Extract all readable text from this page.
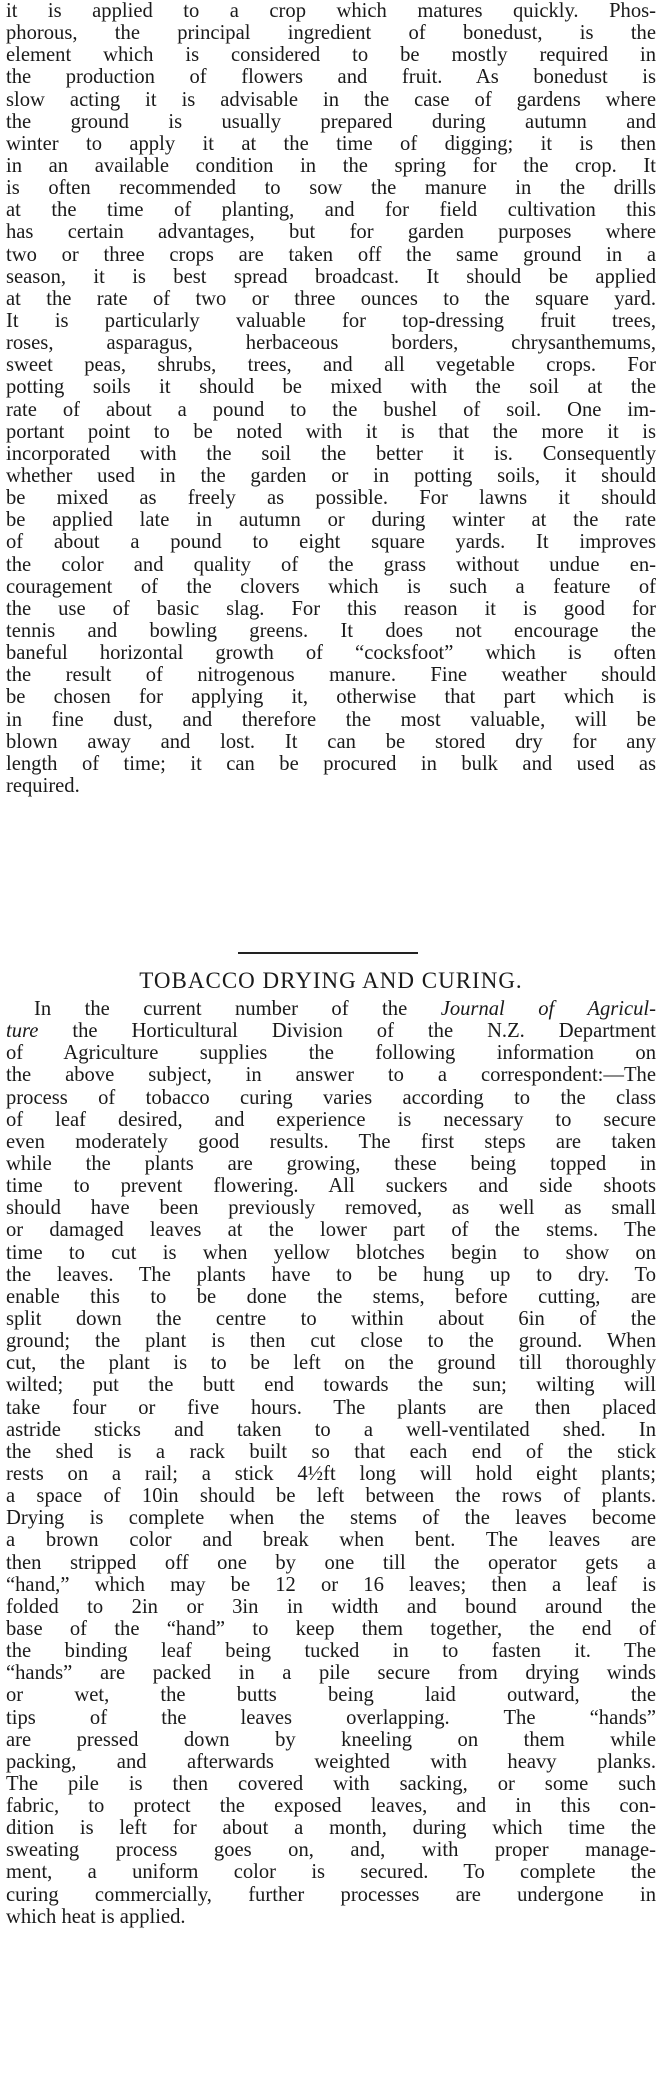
it is applied to a crop which matures quickly. Phos-
phorous, the principal ingredient of bonedust, is the
element which is considered to be mostly required in
the production of flowers and fruit. As bonedust is
slow acting it is advisable in the case of gardens where
the ground is usually prepared during autumn and
winter to apply it at the time of digging; it is then
in an available condition in the spring for the crop. It
is often recommended to sow the manure in the drills
at the time of planting, and for field cultivation this
has certain advantages, but for garden purposes where
two or three crops are taken off the same ground in a
season, it is best spread broadcast. It should be applied
at the rate of two or three ounces to the square yard.
It is particularly valuable for top-dressing fruit trees,
roses, asparagus, herbaceous borders, chrysanthemums,
sweet peas, shrubs, trees, and all vegetable crops. For
potting soils it should be mixed with the soil at the
rate of about a pound to the bushel of soil. One im-
portant point to be noted with it is that the more it is
incorporated with the soil the better it is. Consequently
whether used in the garden or in potting soils, it should
be mixed as freely as possible. For lawns it should
be applied late in autumn or during winter at the rate
of about a pound to eight square yards. It improves
the color and quality of the grass without undue en-
couragement of the clovers which is such a feature of
the use of basic slag. For this reason it is good for
tennis and bowling greens. It does not encourage the
baneful horizontal growth of “cocksfoot” which is often
the result of nitrogenous manure. Fine weather should
be chosen for applying it, otherwise that part which is
in fine dust, and therefore the most valuable, will be
blown away and lost. It can be stored dry for any
length of time; it can be procured in bulk and used as
required.
TOBACCO DRYING AND CURING.
In the current number of the Journal of Agricul-
ture the Horticultural Division of the N.Z. Department
of Agriculture supplies the following information on
the above subject, in answer to a correspondent:—The
process of tobacco curing varies according to the class
of leaf desired, and experience is necessary to secure
even moderately good results. The first steps are taken
while the plants are growing, these being topped in
time to prevent flowering. All suckers and side shoots
should have been previously removed, as well as small
or damaged leaves at the lower part of the stems. The
time to cut is when yellow blotches begin to show on
the leaves. The plants have to be hung up to dry. To
enable this to be done the stems, before cutting, are
split down the centre to within about 6in of the
ground; the plant is then cut close to the ground. When
cut, the plant is to be left on the ground till thoroughly
wilted; put the butt end towards the sun; wilting will
take four or five hours. The plants are then placed
astride sticks and taken to a well-ventilated shed. In
the shed is a rack built so that each end of the stick
rests on a rail; a stick 4½ft long will hold eight plants;
a space of 10in should be left between the rows of plants.
Drying is complete when the stems of the leaves become
a brown color and break when bent. The leaves are
then stripped off one by one till the operator gets a
“hand,” which may be 12 or 16 leaves; then a leaf is
folded to 2in or 3in in width and bound around the
base of the “hand” to keep them together, the end of
the binding leaf being tucked in to fasten it. The
“hands” are packed in a pile secure from drying winds
or wet, the butts being laid outward, the
tips of the leaves overlapping. The “hands”
are pressed down by kneeling on them while
packing, and afterwards weighted with heavy planks.
The pile is then covered with sacking, or some such
fabric, to protect the exposed leaves, and in this con-
dition is left for about a month, during which time the
sweating process goes on, and, with proper manage-
ment, a uniform color is secured. To complete the
curing commercially, further processes are undergone in
which heat is applied.
